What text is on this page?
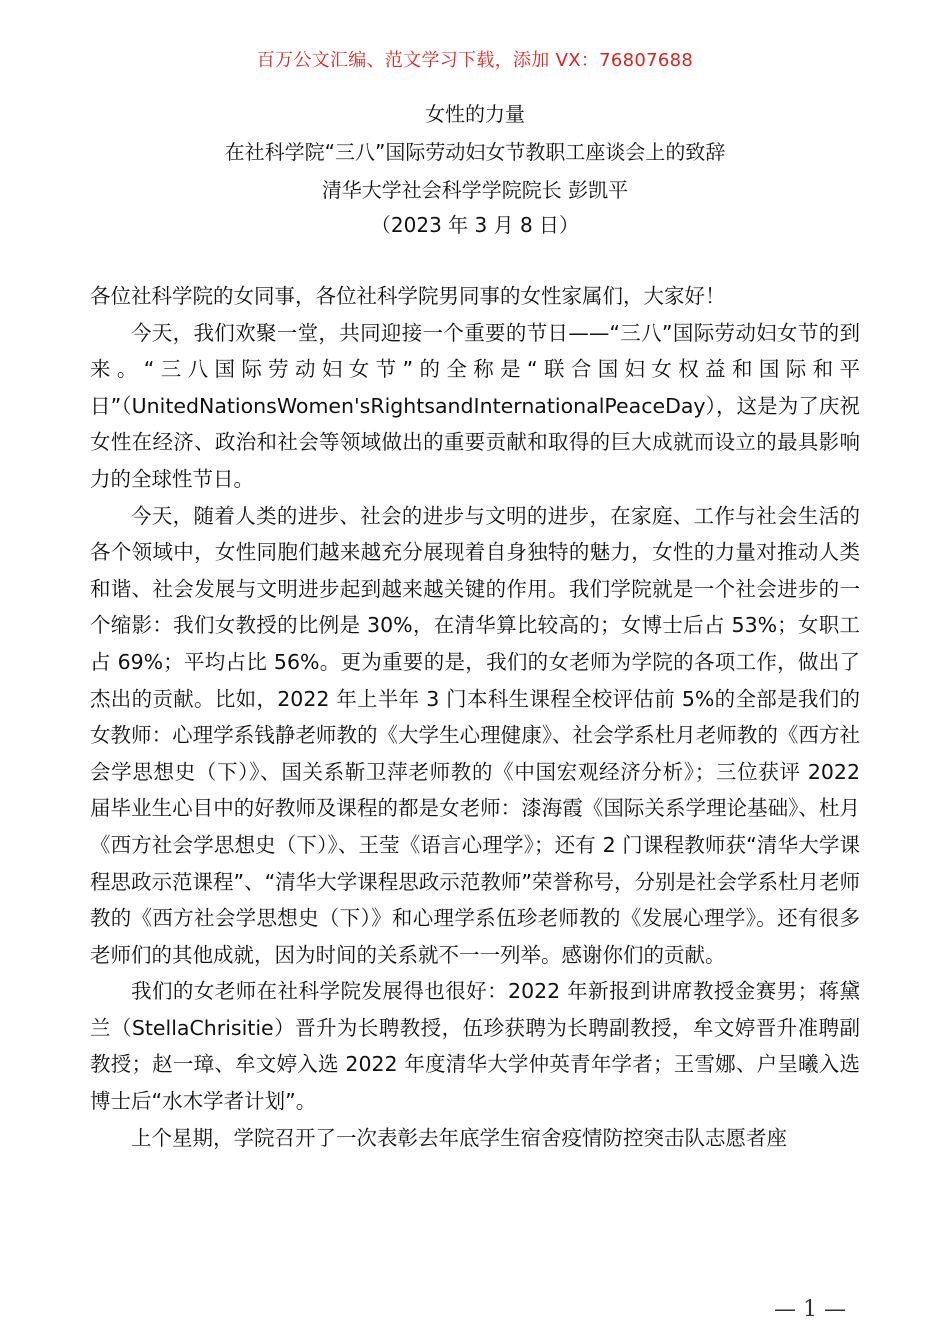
百万公文汇编、范文学习下载，添加 VX：76807688
女性的力量
在社科学院“三八”国际劳动妇女节教职工座谈会上的致辞
清华大学社会科学学院院长 彭凯平
（2023 年 3 月 8 日）

各位社科学院的女同事，各位社科学院男同事的女性家属们，大家好！

今天，我们欢聚一堂，共同迎接一个重要的节日——“三八”国际劳动妇女节的到来。“三八国际劳动妇女节”的全称是“联合国妇女权益和国际和平日”（UnitedNationsWomen'sRightsandInternationalPeaceDay），这是为了庆祝女性在经济、政治和社会等领域做出的重要贡献和取得的巨大成就而设立的最具影响力的全球性节日。

今天，随着人类的进步、社会的进步与文明的进步，在家庭、工作与社会生活的各个领域中，女性同胞们越来越充分展现着自身独特的魅力，女性的力量对推动人类和谐、社会发展与文明进步起到越来越关键的作用。我们学院就是一个社会进步的一个缩影：我们女教授的比例是 30%，在清华算比较高的；女博士后占 53%；女职工占 69%；平均占比 56%。更为重要的是，我们的女老师为学院的各项工作，做出了杰出的贡献。比如，2022 年上半年 3 门本科生课程全校评估前 5%的全部是我们的女教师：心理学系钱静老师教的《大学生心理健康》、社会学系杜月老师教的《西方社会学思想史（下）》、国关系靳卫萍老师教的《中国宏观经济分析》；三位获评 2022 届毕业生心目中的好教师及课程的都是女老师：漆海霞《国际关系学理论基础》、杜月《西方社会学思想史（下）》、王莹《语言心理学》；还有 2 门课程教师获“清华大学课程思政示范课程”、“清华大学课程思政示范教师”荣誉称号，分别是社会学系杜月老师教的《西方社会学思想史（下）》和心理学系伍珍老师教的《发展心理学》。还有很多老师们的其他成就，因为时间的关系就不一一列举。感谢你们的贡献。

我们的女老师在社科学院发展得也很好：2022 年新报到讲席教授金赛男；蒋黛兰（StellaChrisitie）晋升为长聘教授，伍珍获聘为长聘副教授，牟文婷晋升准聘副教授；赵一璋、牟文婷入选 2022 年度清华大学仲英青年学者；王雪娜、户呈曦入选博士后“水木学者计划”。

上个星期，学院召开了一次表彰去年底学生宿舍疫情防控突击队志愿者座

— 1 —
